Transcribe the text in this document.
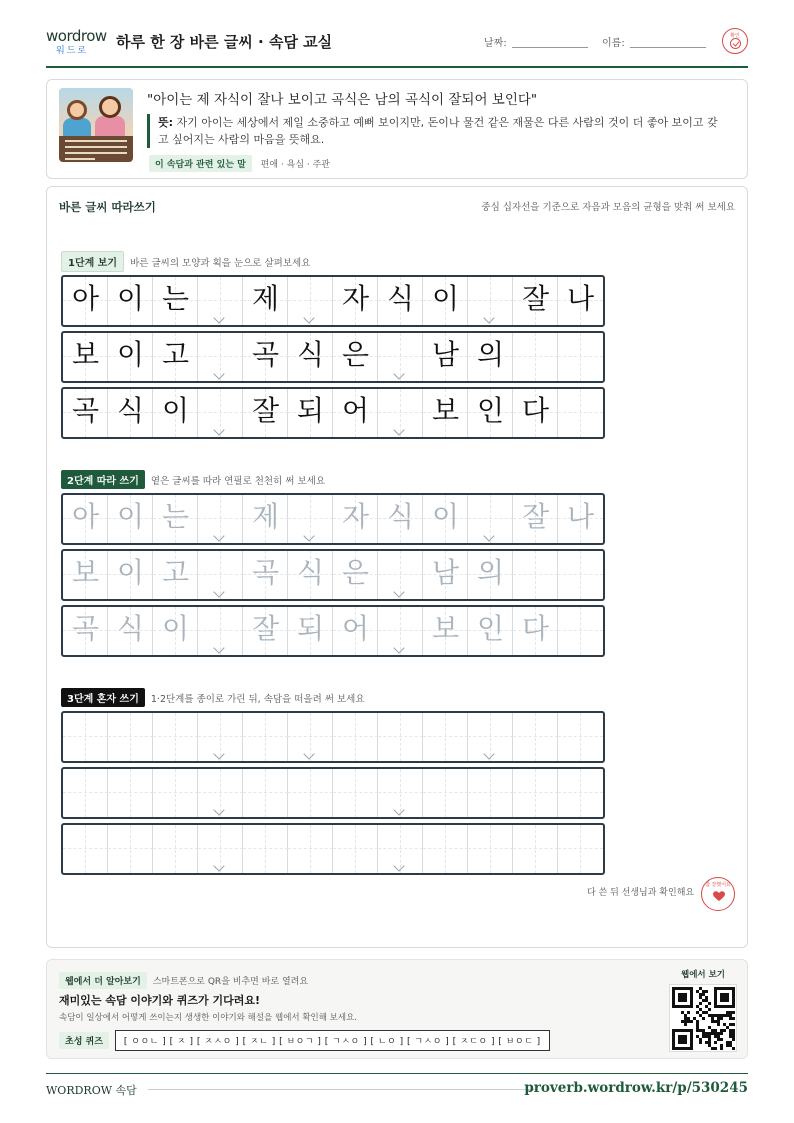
wordrow
워드로 하루 한 장 바른 글씨 · 속담 교실	날짜:	이름:
확인
"아이는 제 자식이 잘나 보이고 곡식은 남의 곡식이 잘되어 보인다"
뜻: 자기 아이는 세상에서 제일 소중하고 예뻐 보이지만, 돈이나 물건 같은 재물은 다른 사람의 것이 더 좋아 보이고 갖고 싶어지는 사람의 마음을 뜻해요.
이 속담과 관련 있는 말 편애 · 욕심 · 주관
바른 글씨 따라쓰기	중심 십자선을 기준으로 자음과 모음의 균형을 맞춰 써 보세요
1단계 보기 바른 글씨의 모양과 획을 눈으로 살펴보세요
2단계 따라 쓰기 옅은 글씨를 따라 연필로 천천히 써 보세요
3단계 혼자 쓰기 1·2단계를 종이로 가린 뒤, 속담을 떠올려 써 보세요
아 이 는	제	자 식 이	잘 나
보 이 고	곡 식 은	남 의
곡 식 이	잘 되 어	보 인 다
아 이 는	제	자 식 이	잘 나
보 이 고	곡 식 은	남 의
곡 식 이	잘 되 어	보 인 다
다 쓴 뒤 선생님과 확인해요
참 잘했어요
웹에서 더 알아보기 스마트폰으로 QR을 비추면 바로 열려요
재미있는 속담 이야기와 퀴즈가 기다려요!
속담이 일상에서 어떻게 쓰이는지 생생한 이야기와 해설을 웹에서 확인해 보세요.
초성 퀴즈 [ ㅇㅇㄴ ] [ ㅈ ] [ ㅈㅅㅇ ] [ ㅈㄴ ] [ ㅂㅇㄱ ] [ ㄱㅅㅇ ] [ ㄴㅇ ] [ ㄱㅅㅇ ] [ ㅈㄷㅇ ] [ ㅂㅇㄷ ]
웹에서 보기
WORDROW 속담	proverb.wordrow.kr/p/530245
